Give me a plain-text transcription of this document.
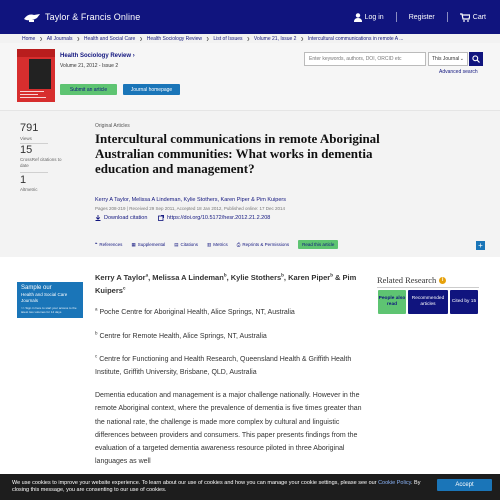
Taylor & Francis Online	Log in	Register	Cart
Home ❯ All Journals ❯ Health and Social Care ❯ Health Sociology Review ❯ List of Issues ❯ Volume 21, Issue 2 ❯ Intercultural communications in remote A ...
Health Sociology Review ›
Volume 21, 2012 - Issue 2
Submit an article	Journal homepage
Enter keywords, authors, DOI, ORCID etc	This Journal ⌄
Advanced search
791
Views
15
CrossRef citations to date
1
Altmetric
Original Articles
Intercultural communications in remote Aboriginal Australian communities: What works in dementia education and management?
Kerry A Taylor, Melissa A Lindeman, Kylie Stothers, Karen Piper & Pim Kuipers
Pages 208-219 | Received 29 Sep 2011, Accepted 18 Jan 2012, Published online: 17 Dec 2014
Download citation	https://doi.org/10.5172/hesr.2012.21.2.208
❝ References ▦ Supplemental ▤ Citations ▥ Metrics ⎙ Reprints & Permissions	Read this article	+
Sample our
Health and Social Care
Journals
>> Sign in here to start your access to the latest two volumes for 14 days
Kerry A Taylor$^a$, Melissa A Lindeman$^b$, Kylie Stothers$^b$, Karen Piper$^b$ & Pim Kuipers$^c$
$^a$ Poche Centre for Aboriginal Health, Alice Springs, NT, Australia
$^b$ Centre for Remote Health, Alice Springs, NT, Australia
$^c$ Centre for Functioning and Health Research, Queensland Health & Griffith Health Institute, Griffith University, Brisbane, QLD, Australia
Dementia education and management is a major challenge nationally. However in the remote Aboriginal context, where the prevalence of dementia is five times greater than the national rate, the challenge is made more complex by cultural and linguistic differences between providers and consumers. This paper presents findings from the evaluation of a targeted dementia awareness resource piloted in three Aboriginal languages as well
Related Research	i
People also read
Recommended articles
Cited by 15
We use cookies to improve your website experience. To learn about our use of cookies and how you can manage your cookie settings, please see our Cookie Policy. By closing this message, you are consenting to our use of cookies.
Accept
